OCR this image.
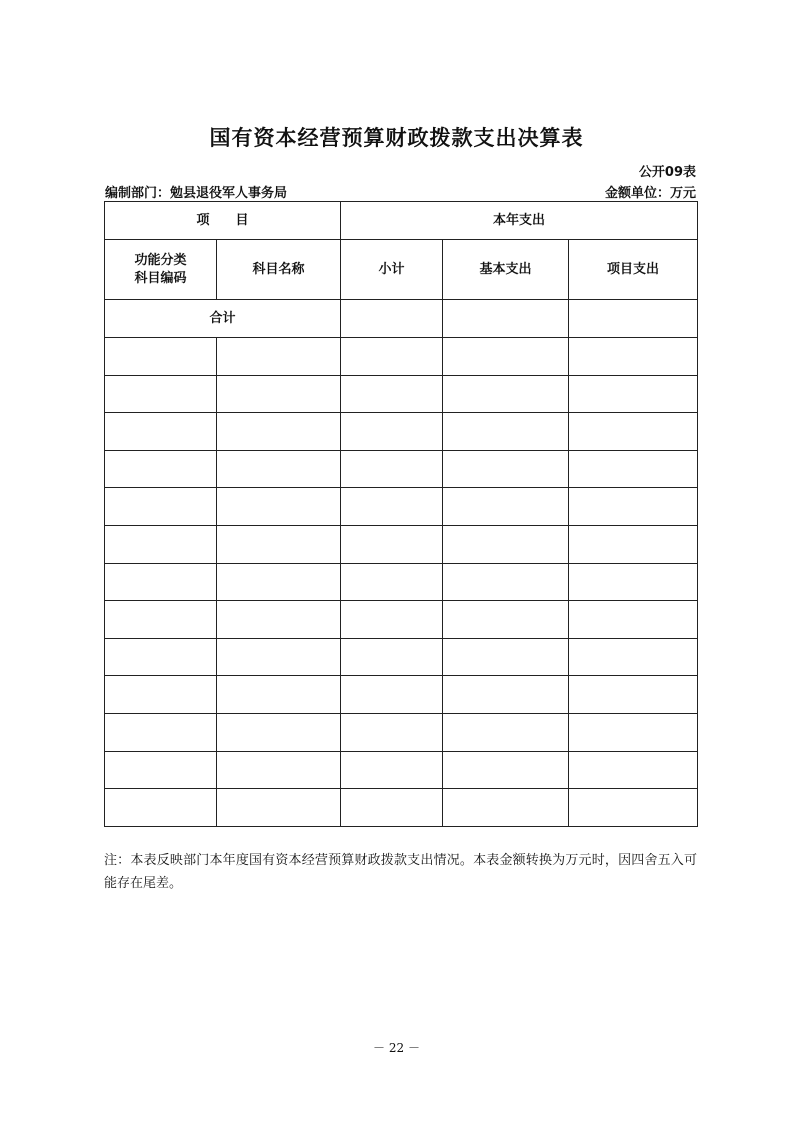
国有资本经营预算财政拨款支出决算表
公开09表
编制部门：勉县退役军人事务局	金额单位：万元
项　　目		本年支出		

功能分类
科目编码	科目名称	小计	基本支出	项目支出
合计				

注：本表反映部门本年度国有资本经营预算财政拨款支出情况。本表金额转换为万元时，因四舍五入可能存在尾差。
－ 22 －
